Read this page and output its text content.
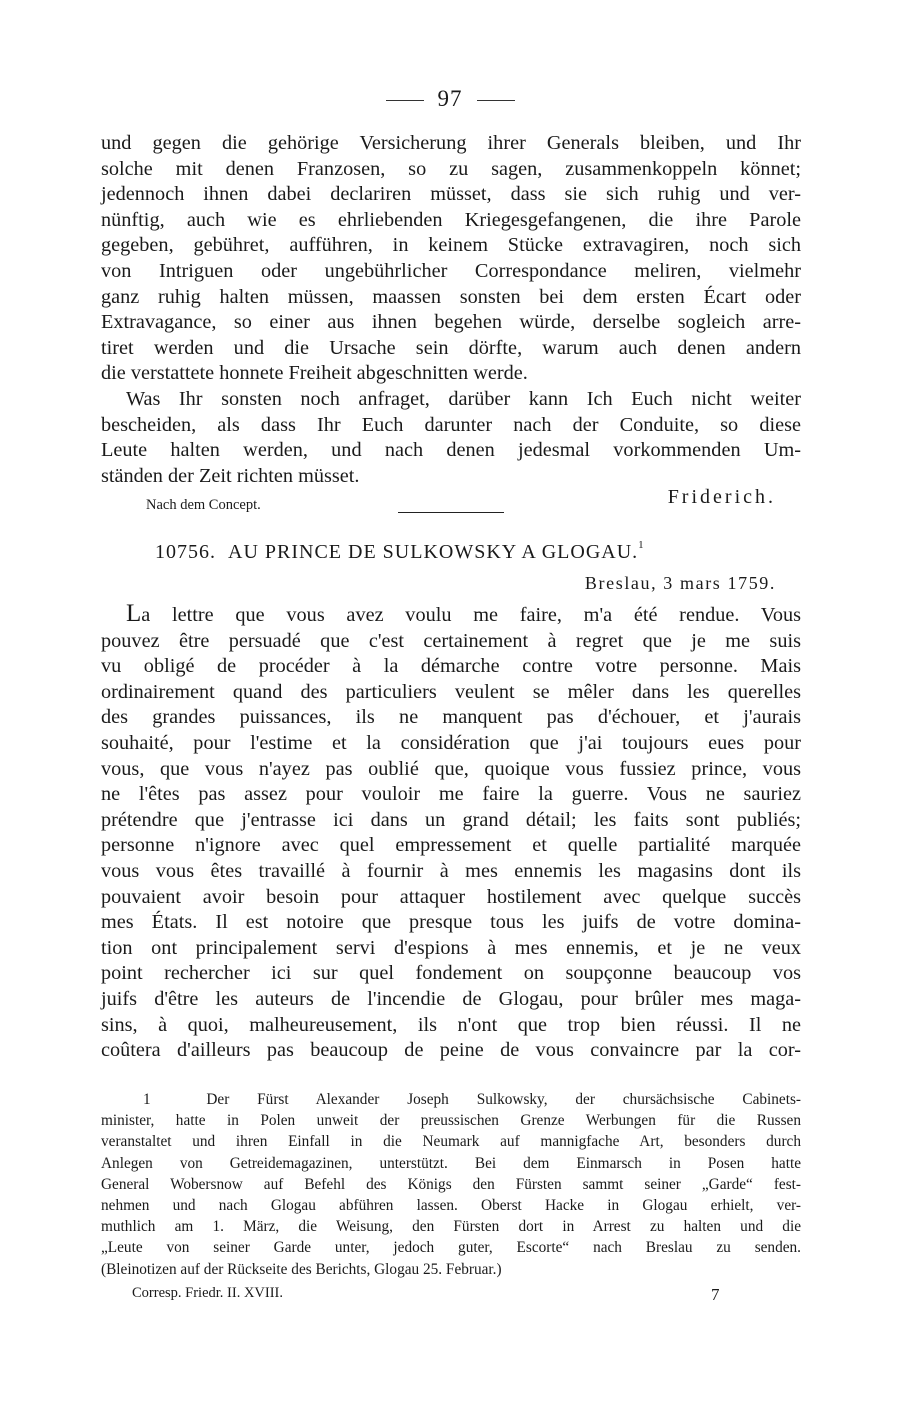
97
und gegen die gehörige Versicherung ihrer Generals bleiben, und Ihr
solche mit denen Franzosen, so zu sagen, zusammenkoppeln könnet;
jedennoch ihnen dabei declariren müsset, dass sie sich ruhig und ver-
nünftig, auch wie es ehrliebenden Kriegesgefangenen, die ihre Parole
gegeben, gebühret, aufführen, in keinem Stücke extravagiren, noch sich
von Intriguen oder ungebührlicher Correspondance meliren, vielmehr
ganz ruhig halten müssen, maassen sonsten bei dem ersten Écart oder
Extravagance, so einer aus ihnen begehen würde, derselbe sogleich arre-
tiret werden und die Ursache sein dörfte, warum auch denen andern
die verstattete honnete Freiheit abgeschnitten werde.
Was Ihr sonsten noch anfraget, darüber kann Ich Euch nicht weiter
bescheiden, als dass Ihr Euch darunter nach der Conduite, so diese
Leute halten werden, und nach denen jedesmal vorkommenden Um-
ständen der Zeit richten müsset.
Nach dem Concept.	Friderich.
10756. AU PRINCE DE SULKOWSKY A GLOGAU.$^1$
Breslau, 3 mars 1759.
La lettre que vous avez voulu me faire, m'a été rendue. Vous
pouvez être persuadé que c'est certainement à regret que je me suis
vu obligé de procéder à la démarche contre votre personne. Mais
ordinairement quand des particuliers veulent se mêler dans les querelles
des grandes puissances, ils ne manquent pas d'échouer, et j'aurais
souhaité, pour l'estime et la considération que j'ai toujours eues pour
vous, que vous n'ayez pas oublié que, quoique vous fussiez prince, vous
ne l'êtes pas assez pour vouloir me faire la guerre. Vous ne sauriez
prétendre que j'entrasse ici dans un grand détail; les faits sont publiés;
personne n'ignore avec quel empressement et quelle partialité marquée
vous vous êtes travaillé à fournir à mes ennemis les magasins dont ils
pouvaient avoir besoin pour attaquer hostilement avec quelque succès
mes États. Il est notoire que presque tous les juifs de votre domina-
tion ont principalement servi d'espions à mes ennemis, et je ne veux
point rechercher ici sur quel fondement on soupçonne beaucoup vos
juifs d'être les auteurs de l'incendie de Glogau, pour brûler mes maga-
sins, à quoi, malheureusement, ils n'ont que trop bien réussi. Il ne
coûtera d'ailleurs pas beaucoup de peine de vous convaincre par la cor-
1	Der Fürst Alexander Joseph Sulkowsky, der chursächsische Cabinets-
minister, hatte in Polen unweit der preussischen Grenze Werbungen für die Russen
veranstaltet und ihren Einfall in die Neumark auf mannigfache Art, besonders durch
Anlegen von Getreidemagazinen, unterstützt. Bei dem Einmarsch in Posen hatte
General Wobersnow auf Befehl des Königs den Fürsten sammt seiner „Garde“ fest-
nehmen und nach Glogau abführen lassen. Oberst Hacke in Glogau erhielt, ver-
muthlich am 1. März, die Weisung, den Fürsten dort in Arrest zu halten und die
„Leute von seiner Garde unter, jedoch guter, Escorte“ nach Breslau zu senden.
(Bleinotizen auf der Rückseite des Berichts, Glogau 25. Februar.)
Corresp. Friedr. II. XVIII.	7
